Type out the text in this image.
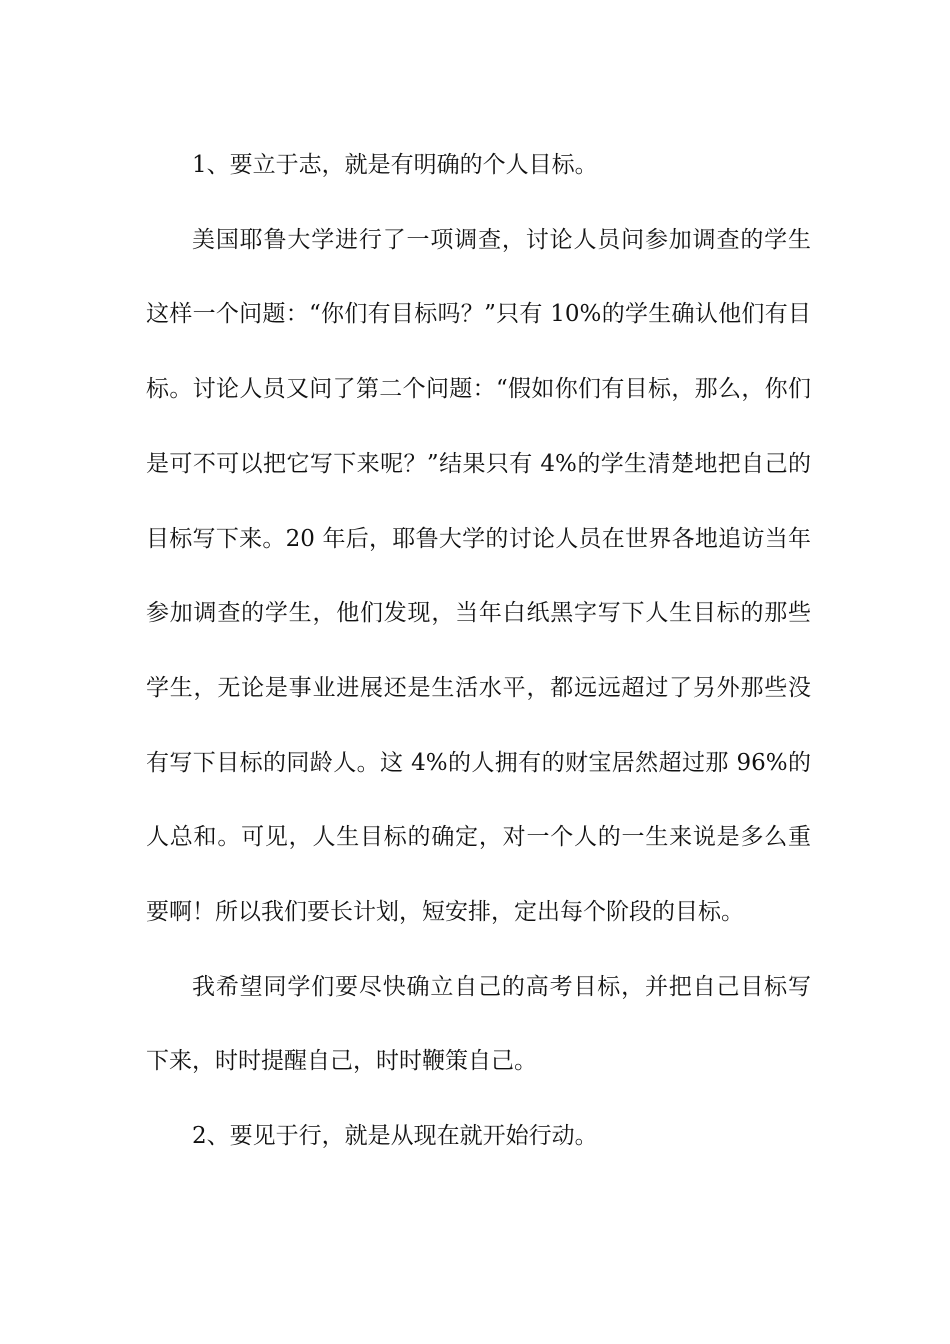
1、要立于志，就是有明确的个人目标。

美国耶鲁大学进行了一项调查，讨论人员问参加调查的学生这样一个问题：“你们有目标吗？”只有 10%的学生确认他们有目标。讨论人员又问了第二个问题：“假如你们有目标，那么，你们是可不可以把它写下来呢？”结果只有 4%的学生清楚地把自己的目标写下来。20 年后，耶鲁大学的讨论人员在世界各地追访当年参加调查的学生，他们发现，当年白纸黑字写下人生目标的那些学生，无论是事业进展还是生活水平，都远远超过了另外那些没有写下目标的同龄人。这 4%的人拥有的财宝居然超过那 96%的人总和。可见，人生目标的确定，对一个人的一生来说是多么重要啊！所以我们要长计划，短安排，定出每个阶段的目标。

我希望同学们要尽快确立自己的高考目标，并把自己目标写下来，时时提醒自己，时时鞭策自己。

2、要见于行，就是从现在就开始行动。
